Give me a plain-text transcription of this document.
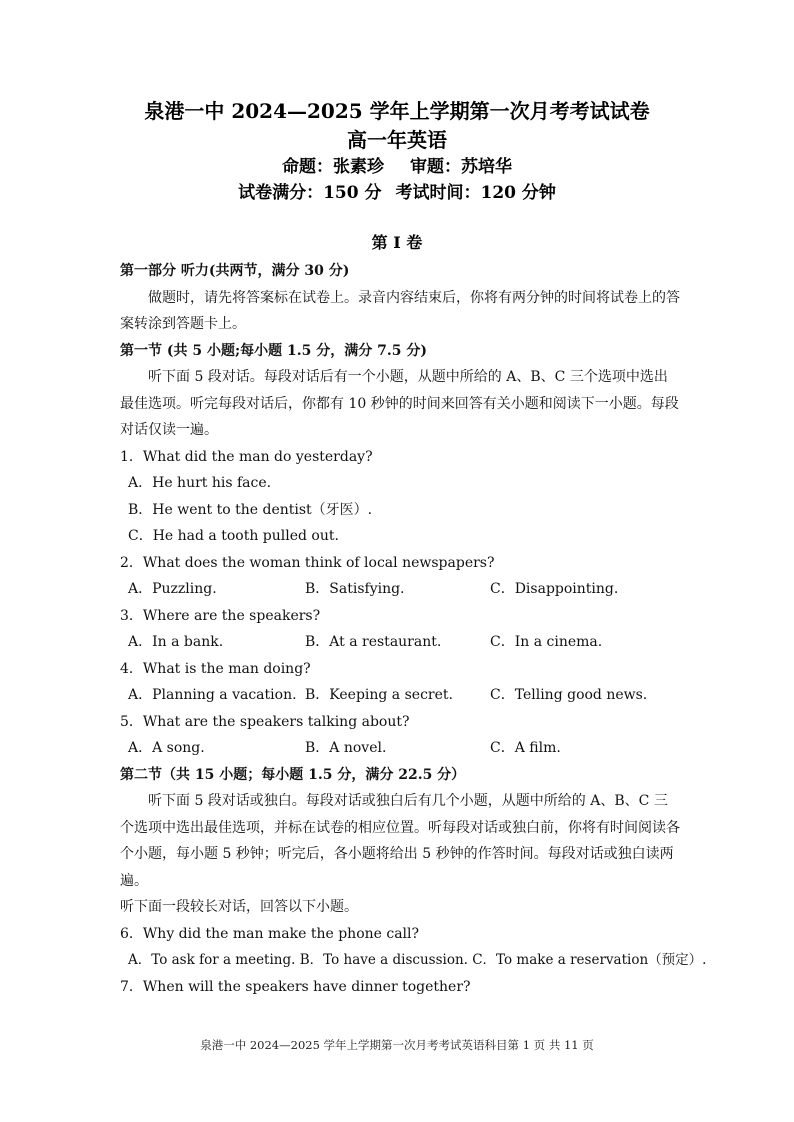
泉港一中 2024—2025 学年上学期第一次月考考试试卷
高一年英语
命题：张素珍 审题：苏培华
试卷满分：150 分 考试时间：120 分钟
第 I 卷

第一部分 听力(共两节，满分 30 分)

做题时，请先将答案标在试卷上。录音内容结束后，你将有两分钟的时间将试卷上的答案转涂到答题卡上。

第一节 (共 5 小题;每小题 1.5 分，满分 7.5 分)

听下面 5 段对话。每段对话后有一个小题，从题中所给的 A、B、C 三个选项中选出最佳选项。听完每段对话后，你都有 10 秒钟的时间来回答有关小题和阅读下一小题。每段对话仅读一遍。

1．What did the man do yesterday?

A．He hurt his face.

B．He went to the dentist（牙医）.

C．He had a tooth pulled out.

2．What does the woman think of local newspapers?

A．Puzzling.	B．Satisfying.	C．Disappointing.

3．Where are the speakers?

A．In a bank.	B．At a restaurant.	C．In a cinema.

4．What is the man doing?

A．Planning a vacation. B．Keeping a secret.	C．Telling good news.

5．What are the speakers talking about?

A．A song.	B．A novel.	C．A film.

第二节（共 15 小题；每小题 1.5 分，满分 22.5 分）

听下面 5 段对话或独白。每段对话或独白后有几个小题，从题中所给的 A、B、C 三个选项中选出最佳选项，并标在试卷的相应位置。听每段对话或独白前，你将有时间阅读各个小题，每小题 5 秒钟；听完后，各小题将给出 5 秒钟的作答时间。每段对话或独白读两遍。

听下面一段较长对话，回答以下小题。

6．Why did the man make the phone call?

A．To ask for a meeting. B．To have a discussion. C．To make a reservation（预定）.

7．When will the speakers have dinner together?

泉港一中 2024—2025 学年上学期第一次月考考试英语科目第 1 页 共 11 页
